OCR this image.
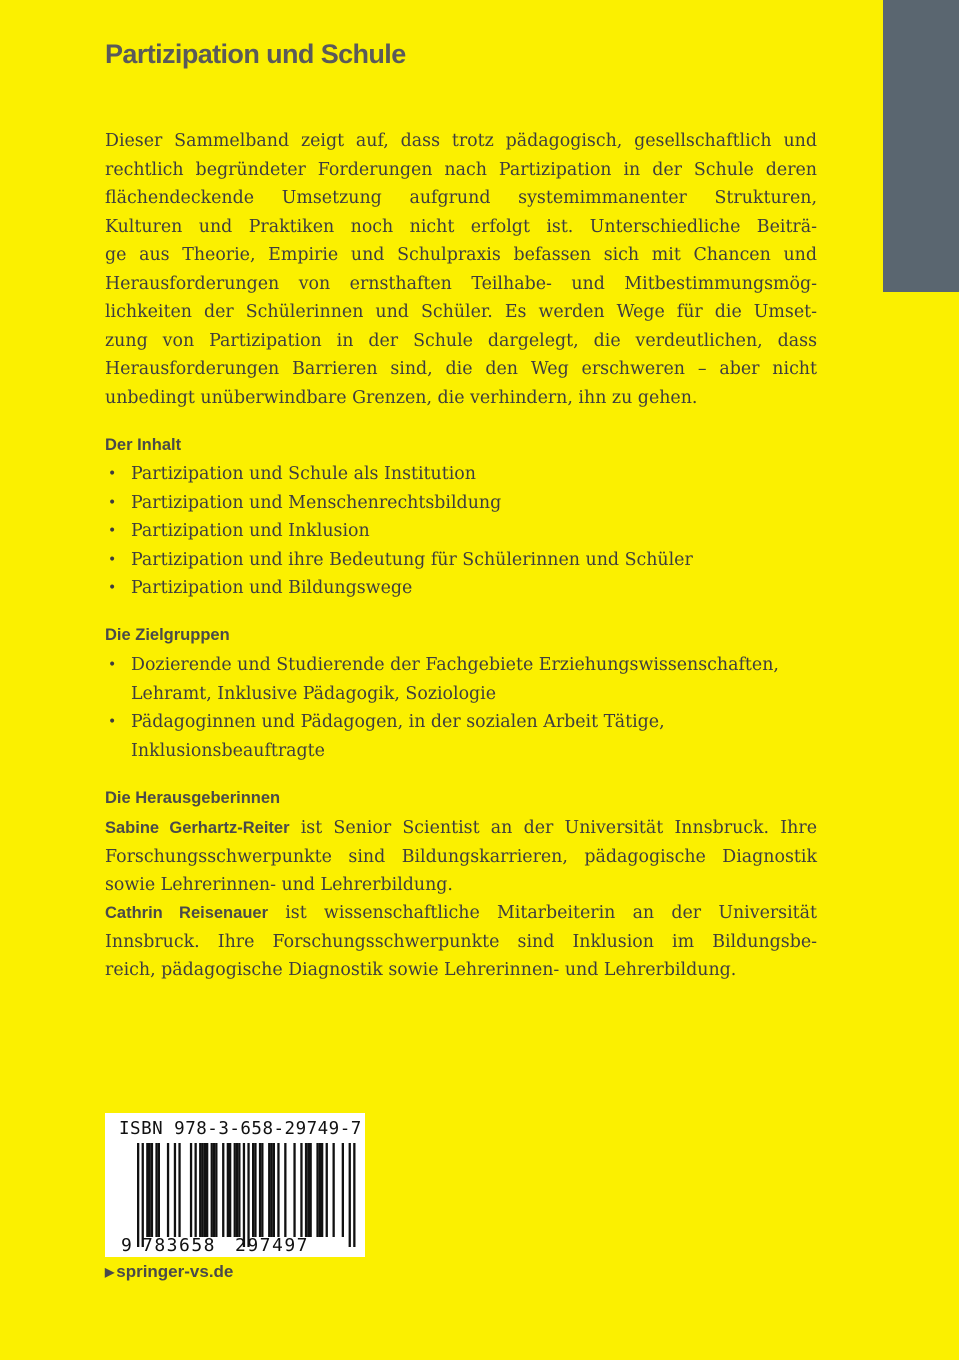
Partizipation und Schule
Dieser Sammelband zeigt auf, dass trotz pädagogisch, gesellschaftlich und
rechtlich begründeter Forderungen nach Partizipation in der Schule deren
flächendeckende Umsetzung aufgrund systemimmanenter Strukturen,
Kulturen und Praktiken noch nicht erfolgt ist. Unterschiedliche Beiträ-
ge aus Theorie, Empirie und Schulpraxis befassen sich mit Chancen und
Herausforderungen von ernsthaften Teilhabe- und Mitbestimmungsmög-
lichkeiten der Schülerinnen und Schüler. Es werden Wege für die Umset-
zung von Partizipation in der Schule dargelegt, die verdeutlichen, dass
Herausforderungen Barrieren sind, die den Weg erschweren – aber nicht
unbedingt unüberwindbare Grenzen, die verhindern, ihn zu gehen.
Der Inhalt
• Partizipation und Schule als Institution
• Partizipation und Menschenrechtsbildung
• Partizipation und Inklusion
• Partizipation und ihre Bedeutung für Schülerinnen und Schüler
• Partizipation und Bildungswege
Die Zielgruppen
• Dozierende und Studierende der Fachgebiete Erziehungswissenschaften,
Lehramt, Inklusive Pädagogik, Soziologie
• Pädagoginnen und Pädagogen, in der sozialen Arbeit Tätige,
Inklusionsbeauftragte
Die Herausgeberinnen
Sabine Gerhartz-Reiter ist Senior Scientist an der Universität Innsbruck. Ihre
Forschungsschwerpunkte sind Bildungskarrieren, pädagogische Diagnostik
sowie Lehrerinnen- und Lehrerbildung.
Cathrin Reisenauer ist wissenschaftliche Mitarbeiterin an der Universität
Innsbruck. Ihre Forschungsschwerpunkte sind Inklusion im Bildungsbe-
reich, pädagogische Diagnostik sowie Lehrerinnen- und Lehrerbildung.
ISBN 978-3-658-29749-7
9 783658 297497
▶ springer-vs.de
